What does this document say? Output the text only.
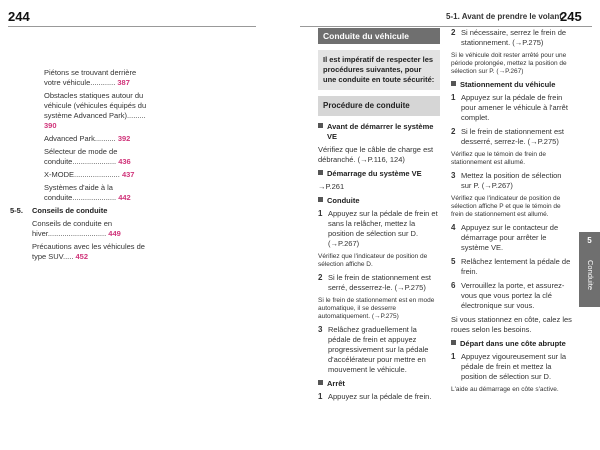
244
Piétons se trouvant derrière votre véhicule............ 387
Obstacles statiques autour du véhicule (véhicules équipés du système Advanced Park)......... 390
Advanced Park.......... 392
Sélecteur de mode de conduite..................... 436
X-MODE...................... 437
Systèmes d'aide à la conduite..................... 442
5-5. Conseils de conduite
Conseils de conduite en hiver............................ 449
Précautions avec les véhicules de type SUV..... 452
5-1. Avant de prendre le volant
245
Conduite du véhicule
Il est impératif de respecter les procédures suivantes, pour une conduite en toute sécurité:
Procédure de conduite
Avant de démarrer le système VE

Vérifiez que le câble de charge est débranché. (→P.116, 124)

Démarrage du système VE

→P.261

Conduite
1 Appuyez sur la pédale de frein et sans la relâcher, mettez la position de sélection sur D. (→P.267)

Vérifiez que l'indicateur de position de sélection affiche D.

2 Si le frein de stationnement est serré, desserrez-le. (→P.275)

Si le frein de stationnement est en mode automatique, il se desserre automatiquement. (→P.275)

3 Relâchez graduellement la pédale de frein et appuyez progressivement sur la pédale d'accélérateur pour mettre en mouvement le véhicule.
Arrêt
1 Appuyez sur la pédale de frein.
2 Si nécessaire, serrez le frein de stationnement. (→P.275)

Si le véhicule doit rester arrêté pour une période prolongée, mettez la position de sélection sur P. (→P.267)

Stationnement du véhicule
1 Appuyez sur la pédale de frein pour amener le véhicule à l'arrêt complet.
2 Si le frein de stationnement est desserré, serrez-le. (→P.275)

Vérifiez que le témoin de frein de stationnement est allumé.

3 Mettez la position de sélection sur P. (→P.267)

Vérifiez que l'indicateur de position de sélection affiche P et que le témoin de frein de stationnement est allumé.

4 Appuyez sur le contacteur de démarrage pour arrêter le système VE.
5 Relâchez lentement la pédale de frein.
6 Verrouillez la porte, et assurez-vous que vous portez la clé électronique sur vous.

Si vous stationnez en côte, calez les roues selon les besoins.

Départ dans une côte abrupte
1 Appuyez vigoureusement sur la pédale de frein et mettez la position de sélection sur D.

L'aide au démarrage en côte s'active.

5
Conduite
